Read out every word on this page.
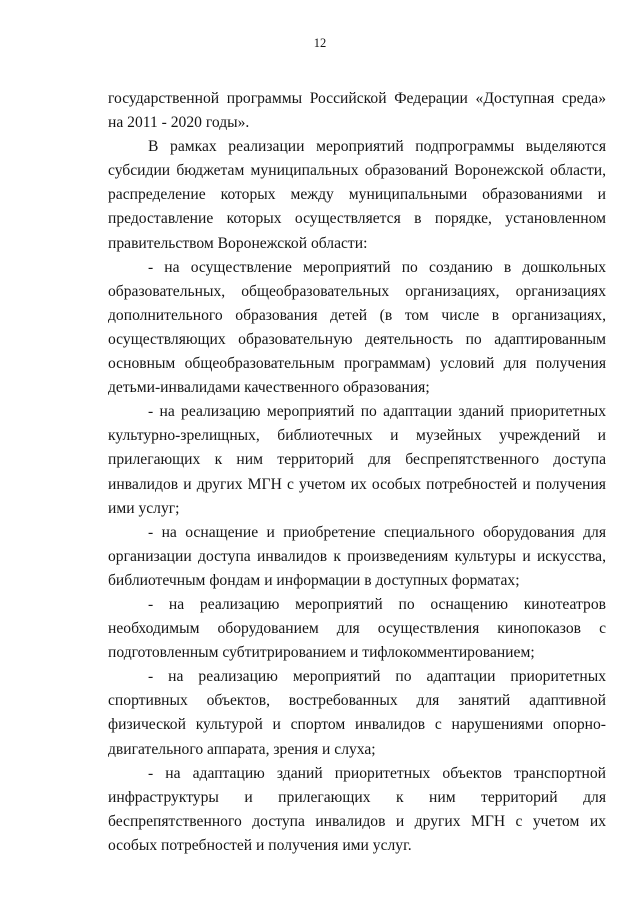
12

государственной программы Российской Федерации «Доступная среда» на 2011 - 2020 годы».

В рамках реализации мероприятий подпрограммы выделяются субсидии бюджетам муниципальных образований Воронежской области, распределение которых между муниципальными образованиями и предоставление которых осуществляется в порядке, установленном правительством Воронежской области:

- на осуществление мероприятий по созданию в дошкольных образовательных, общеобразовательных организациях, организациях дополнительного образования детей (в том числе в организациях, осуществляющих образовательную деятельность по адаптированным основным общеобразовательным программам) условий для получения детьми-инвалидами качественного образования;

- на реализацию мероприятий по адаптации зданий приоритетных культурно-зрелищных, библиотечных и музейных учреждений и прилегающих к ним территорий для беспрепятственного доступа инвалидов и других МГН с учетом их особых потребностей и получения ими услуг;

- на оснащение и приобретение специального оборудования для организации доступа инвалидов к произведениям культуры и искусства, библиотечным фондам и информации в доступных форматах;

- на реализацию мероприятий по оснащению кинотеатров необходимым оборудованием для осуществления кинопоказов с подготовленным субтитрированием и тифлокомментированием;

- на реализацию мероприятий по адаптации приоритетных спортивных объектов, востребованных для занятий адаптивной физической культурой и спортом инвалидов с нарушениями опорно-двигательного аппарата, зрения и слуха;

- на адаптацию зданий приоритетных объектов транспортной инфраструктуры и прилегающих к ним территорий для беспрепятственного доступа инвалидов и других МГН с учетом их особых потребностей и получения ими услуг.
